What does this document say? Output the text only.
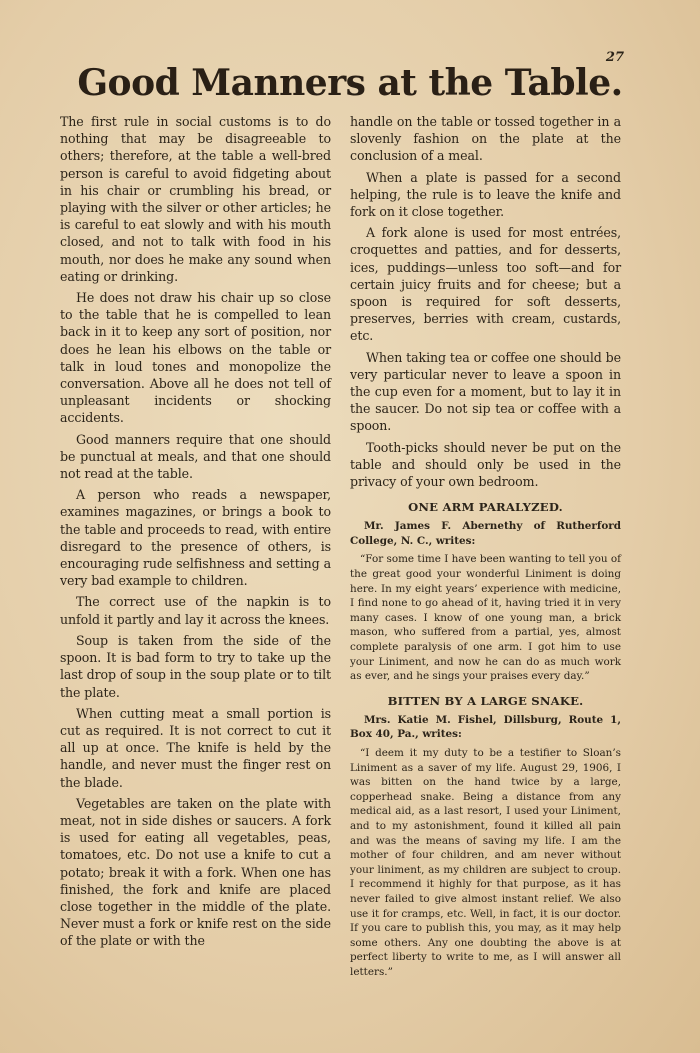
27
Good Manners at the Table.

The first rule in social customs is to do nothing that may be disagreeable to others; therefore, at the table a well-bred person is careful to avoid fidgeting about in his chair or crumbling his bread, or playing with the silver or other articles; he is careful to eat slowly and with his mouth closed, and not to talk with food in his mouth, nor does he make any sound when eating or drinking.

He does not draw his chair up so close to the table that he is compelled to lean back in it to keep any sort of position, nor does he lean his elbows on the table or talk in loud tones and monopolize the conversation. Above all he does not tell of unpleasant incidents or shocking accidents.

Good manners require that one should be punctual at meals, and that one should not read at the table.

A person who reads a newspaper, examines magazines, or brings a book to the table and proceeds to read, with entire disregard to the presence of others, is encouraging rude selfishness and setting a very bad example to children.

The correct use of the napkin is to unfold it partly and lay it across the knees.

Soup is taken from the side of the spoon. It is bad form to try to take up the last drop of soup in the soup plate or to tilt the plate.

When cutting meat a small portion is cut as required. It is not correct to cut it all up at once. The knife is held by the handle, and never must the finger rest on the blade.

Vegetables are taken on the plate with meat, not in side dishes or saucers. A fork is used for eating all vegetables, peas, tomatoes, etc. Do not use a knife to cut a potato; break it with a fork. When one has finished, the fork and knife are placed close together in the middle of the plate. Never must a fork or knife rest on the side of the plate or with the

handle on the table or tossed together in a slovenly fashion on the plate at the conclusion of a meal.

When a plate is passed for a second helping, the rule is to leave the knife and fork on it close together.

A fork alone is used for most entrées, croquettes and patties, and for desserts, ices, puddings—unless too soft—and for certain juicy fruits and for cheese; but a spoon is required for soft desserts, preserves, berries with cream, custards, etc.

When taking tea or coffee one should be very particular never to leave a spoon in the cup even for a moment, but to lay it in the saucer. Do not sip tea or coffee with a spoon.

Tooth-picks should never be put on the table and should only be used in the privacy of your own bedroom.

ONE ARM PARALYZED.
Mr. James F. Abernethy of Rutherford College, N. C., writes:
“For some time I have been wanting to tell you of the great good your wonderful Liniment is doing here. In my eight years’ experience with medicine, I find none to go ahead of it, having tried it in very many cases. I know of one young man, a brick mason, who suffered from a partial, yes, almost complete paralysis of one arm. I got him to use your Liniment, and now he can do as much work as ever, and he sings your praises every day.”
BITTEN BY A LARGE SNAKE.
Mrs. Katie M. Fishel, Dillsburg, Route 1, Box 40, Pa., writes:
“I deem it my duty to be a testifier to Sloan’s Liniment as a saver of my life. August 29, 1906, I was bitten on the hand twice by a large, copperhead snake. Being a distance from any medical aid, as a last resort, I used your Liniment, and to my astonishment, found it killed all pain and was the means of saving my life. I am the mother of four children, and am never without your liniment, as my children are subject to croup. I recommend it highly for that purpose, as it has never failed to give almost instant relief. We also use it for cramps, etc. Well, in fact, it is our doctor. If you care to publish this, you may, as it may help some others. Any one doubting the above is at perfect liberty to write to me, as I will answer all letters.”
